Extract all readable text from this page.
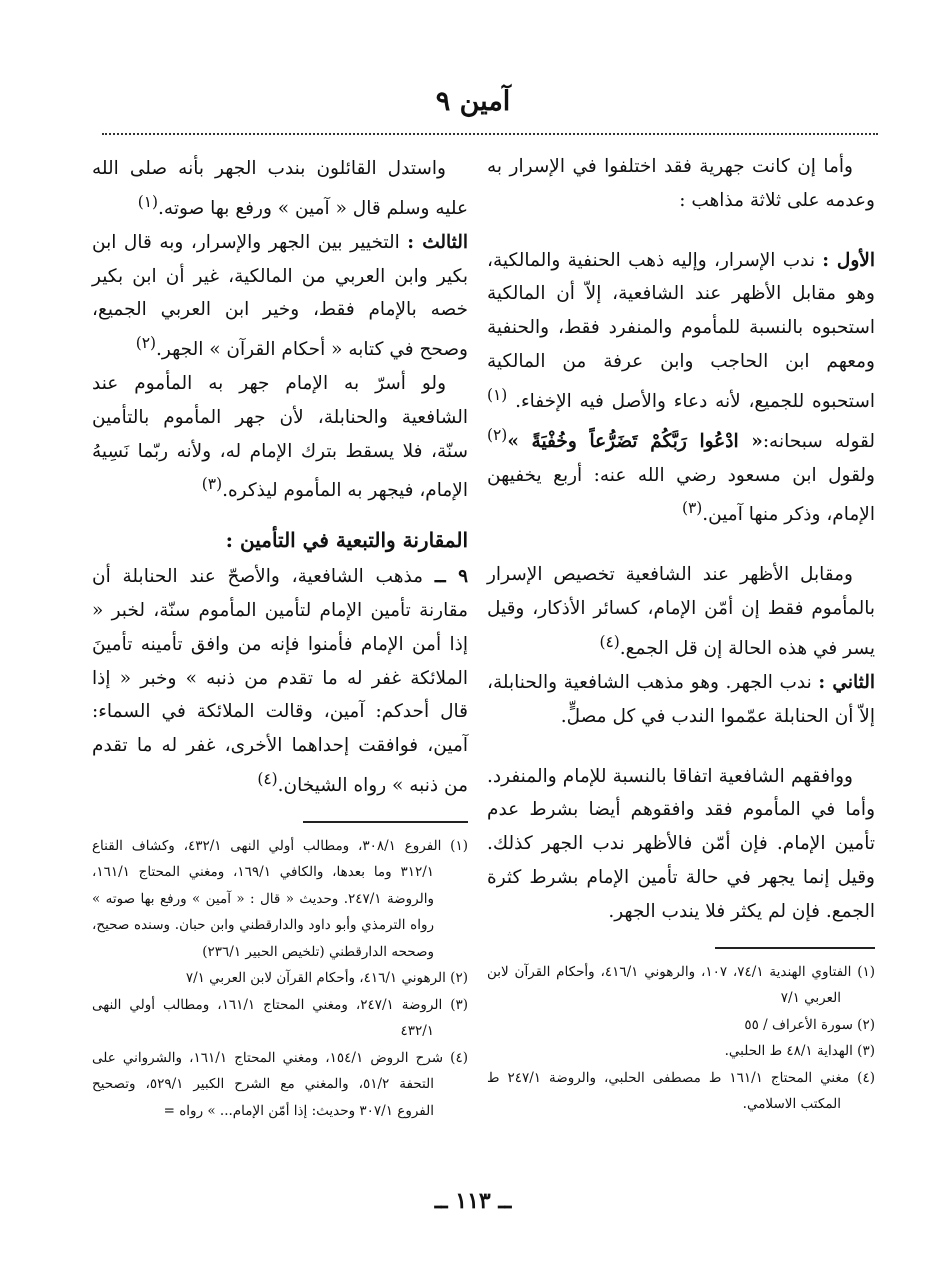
آمين ٩

وأما إن كانت جهرية فقد اختلفوا في الإسرار به وعدمه على ثلاثة مذاهب :

الأول : ندب الإسرار، وإليه ذهب الحنفية والمالكية، وهو مقابل الأظهر عند الشافعية، إلاّ أن المالكية استحبوه بالنسبة للمأموم والمنفرد فقط، والحنفية ومعهم ابن الحاجب وابن عرفة من المالكية استحبوه للجميع، لأنه دعاء والأصل فيه الإخفاء. $^{(١)}$ لقوله سبحانه:« ادْعُوا رَبَّكُمْ تَضَرُّعاً وخُفْيَةً »$^{(٢)}$ ولقول ابن مسعود رضي الله عنه: أربع يخفيهن الإمام، وذكر منها آمين.$^{(٣)}$

ومقابل الأظهر عند الشافعية تخصيص الإسرار بالمأموم فقط إن أمّن الإمام، كسائر الأذكار، وقيل يسر في هذه الحالة إن قل الجمع.$^{(٤)}$

الثاني : ندب الجهر. وهو مذهب الشافعية والحنابلة، إلاّ أن الحنابلة عمّموا الندب في كل مصلٍّ.

ووافقهم الشافعية اتفاقا بالنسبة للإمام والمنفرد. وأما في المأموم فقد وافقوهم أيضا بشرط عدم تأمين الإمام. فإن أمّن فالأظهر ندب الجهر كذلك. وقيل إنما يجهر في حالة تأمين الإمام بشرط كثرة الجمع. فإن لم يكثر فلا يندب الجهر.

(١) الفتاوي الهندية ٧٤/١، ١٠٧، والرهوني ٤١٦/١، وأحكام القرآن لابن العربي ٧/١

(٢) سورة الأعراف / ٥٥

(٣) الهداية ٤٨/١ ط الحلبي.

(٤) مغني المحتاج ١٦١/١ ط مصطفى الحلبي، والروضة ٢٤٧/١ ط المكتب الاسلامي.

واستدل القائلون بندب الجهر بأنه صلى الله عليه وسلم قال « آمين » ورفع بها صوته.$^{(١)}$

الثالث : التخيير بين الجهر والإسرار، وبه قال ابن بكير وابن العربي من المالكية، غير أن ابن بكير خصه بالإمام فقط، وخير ابن العربي الجميع، وصحح في كتابه « أحكام القرآن » الجهر.$^{(٢)}$

ولو أسرّ به الإمام جهر به المأموم عند الشافعية والحنابلة، لأن جهر المأموم بالتأمين سنّة، فلا يسقط بترك الإمام له، ولأنه ربّما نَسِيهُ الإمام، فيجهر به المأموم ليذكره.$^{(٣)}$

المقارنة والتبعية في التأمين :

٩ ــ مذهب الشافعية، والأصحّ عند الحنابلة أن مقارنة تأمين الإمام لتأمين المأموم سنّة، لخبر « إذا أمن الإمام فأمنوا فإنه من وافق تأمينه تأمينَ الملائكة غفر له ما تقدم من ذنبه » وخبر « إذا قال أحدكم: آمين، وقالت الملائكة في السماء: آمين، فوافقت إحداهما الأخرى، غفر له ما تقدم من ذنبه » رواه الشيخان.$^{(٤)}$

(١) الفروع ٣٠٨/١، ومطالب أولي النهى ٤٣٢/١، وكشاف القناع ٣١٢/١ وما بعدها، والكافي ١٦٩/١، ومغني المحتاج ١٦١/١، والروضة ٢٤٧/١. وحديث « قال : « آمين » ورفع بها صوته » رواه الترمذي وأبو داود والدارقطني وابن حبان. وسنده صحيح، وصححه الدارقطني (تلخيص الحبير ٢٣٦/١)

(٢) الرهوني ٤١٦/١، وأحكام القرآن لابن العربي ٧/١

(٣) الروضة ٢٤٧/١، ومغني المحتاج ١٦١/١، ومطالب أولي النهى ٤٣٢/١

(٤) شرح الروض ١٥٤/١، ومغني المحتاج ١٦١/١، والشرواني على التحفة ٥١/٢، والمغني مع الشرح الكبير ٥٢٩/١، وتصحيح الفروع ٣٠٧/١ وحديث: إذا أمّن الإمام... » رواه =

ــ ١١٣ ــ
